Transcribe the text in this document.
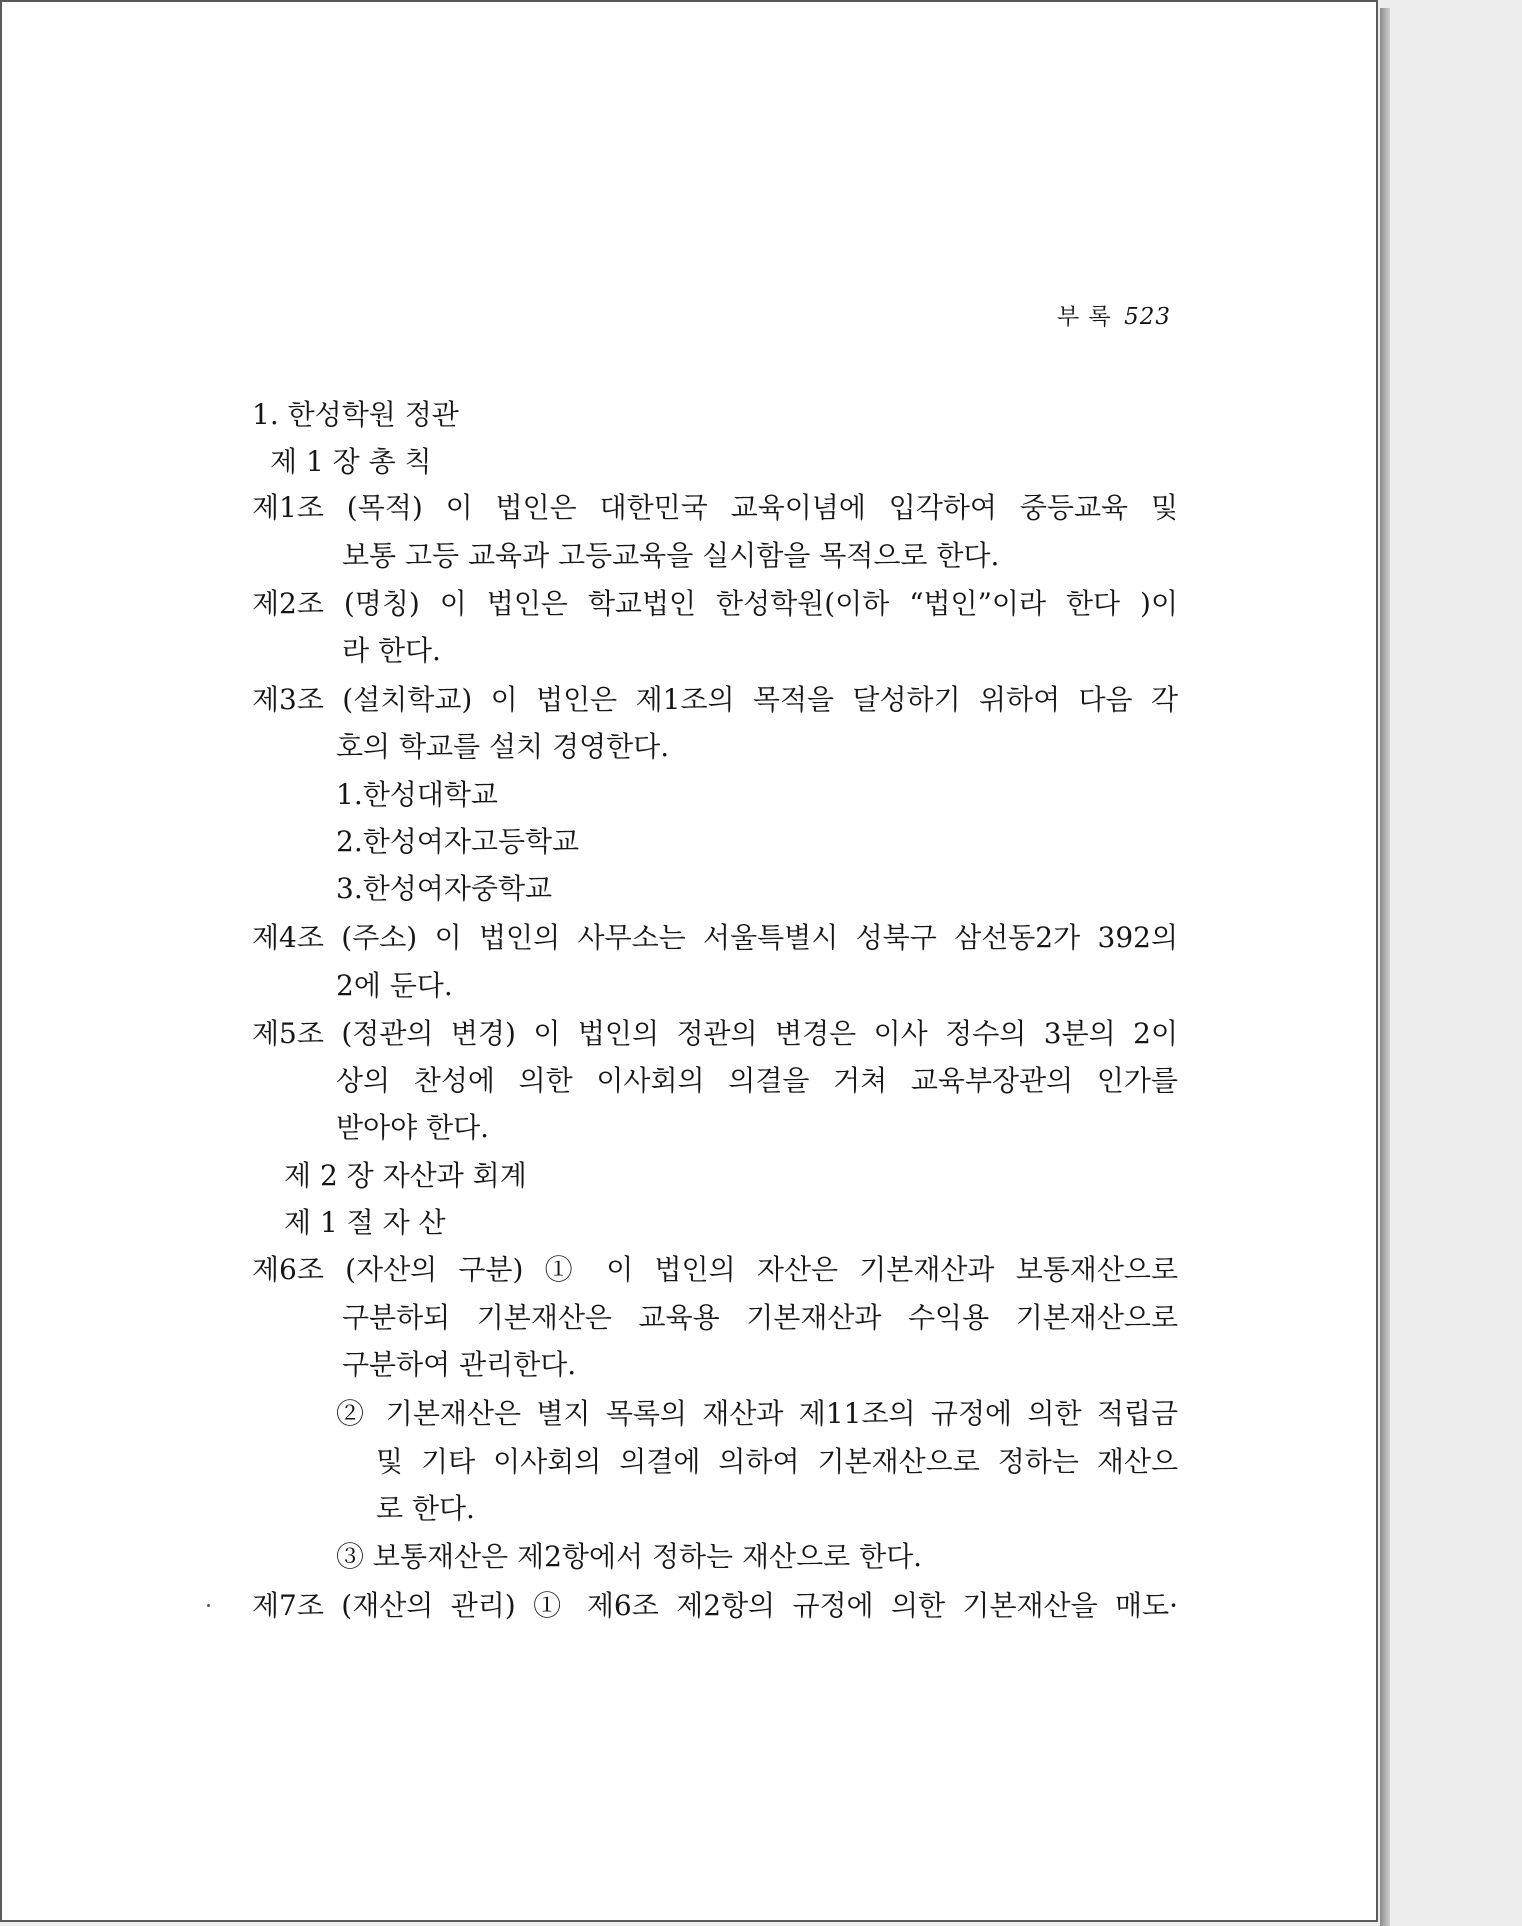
부 록 523
1. 한성학원 정관
제 1 장 총 칙
제1조 (목적) 이 법인은 대한민국 교육이념에 입각하여 중등교육 및
보통 고등 교육과 고등교육을 실시함을 목적으로 한다.
제2조 (명칭) 이 법인은 학교법인 한성학원(이하 “법인”이라 한다 )이
라 한다.
제3조 (설치학교) 이 법인은 제1조의 목적을 달성하기 위하여 다음 각
호의 학교를 설치 경영한다.
1.한성대학교
2.한성여자고등학교
3.한성여자중학교
제4조 (주소) 이 법인의 사무소는 서울특별시 성북구 삼선동2가 392의
2에 둔다.
제5조 (정관의 변경) 이 법인의 정관의 변경은 이사 정수의 3분의 2이
상의 찬성에 의한 이사회의 의결을 거쳐 교육부장관의 인가를
받아야 한다.
제 2 장 자산과 회계
제 1 절 자 산
제6조 (자산의 구분) ① 이 법인의 자산은 기본재산과 보통재산으로
구분하되 기본재산은 교육용 기본재산과 수익용 기본재산으로
구분하여 관리한다.
② 기본재산은 별지 목록의 재산과 제11조의 규정에 의한 적립금
및 기타 이사회의 의결에 의하여 기본재산으로 정하는 재산으
로 한다.
③ 보통재산은 제2항에서 정하는 재산으로 한다.
제7조 (재산의 관리) ① 제6조 제2항의 규정에 의한 기본재산을 매도·
